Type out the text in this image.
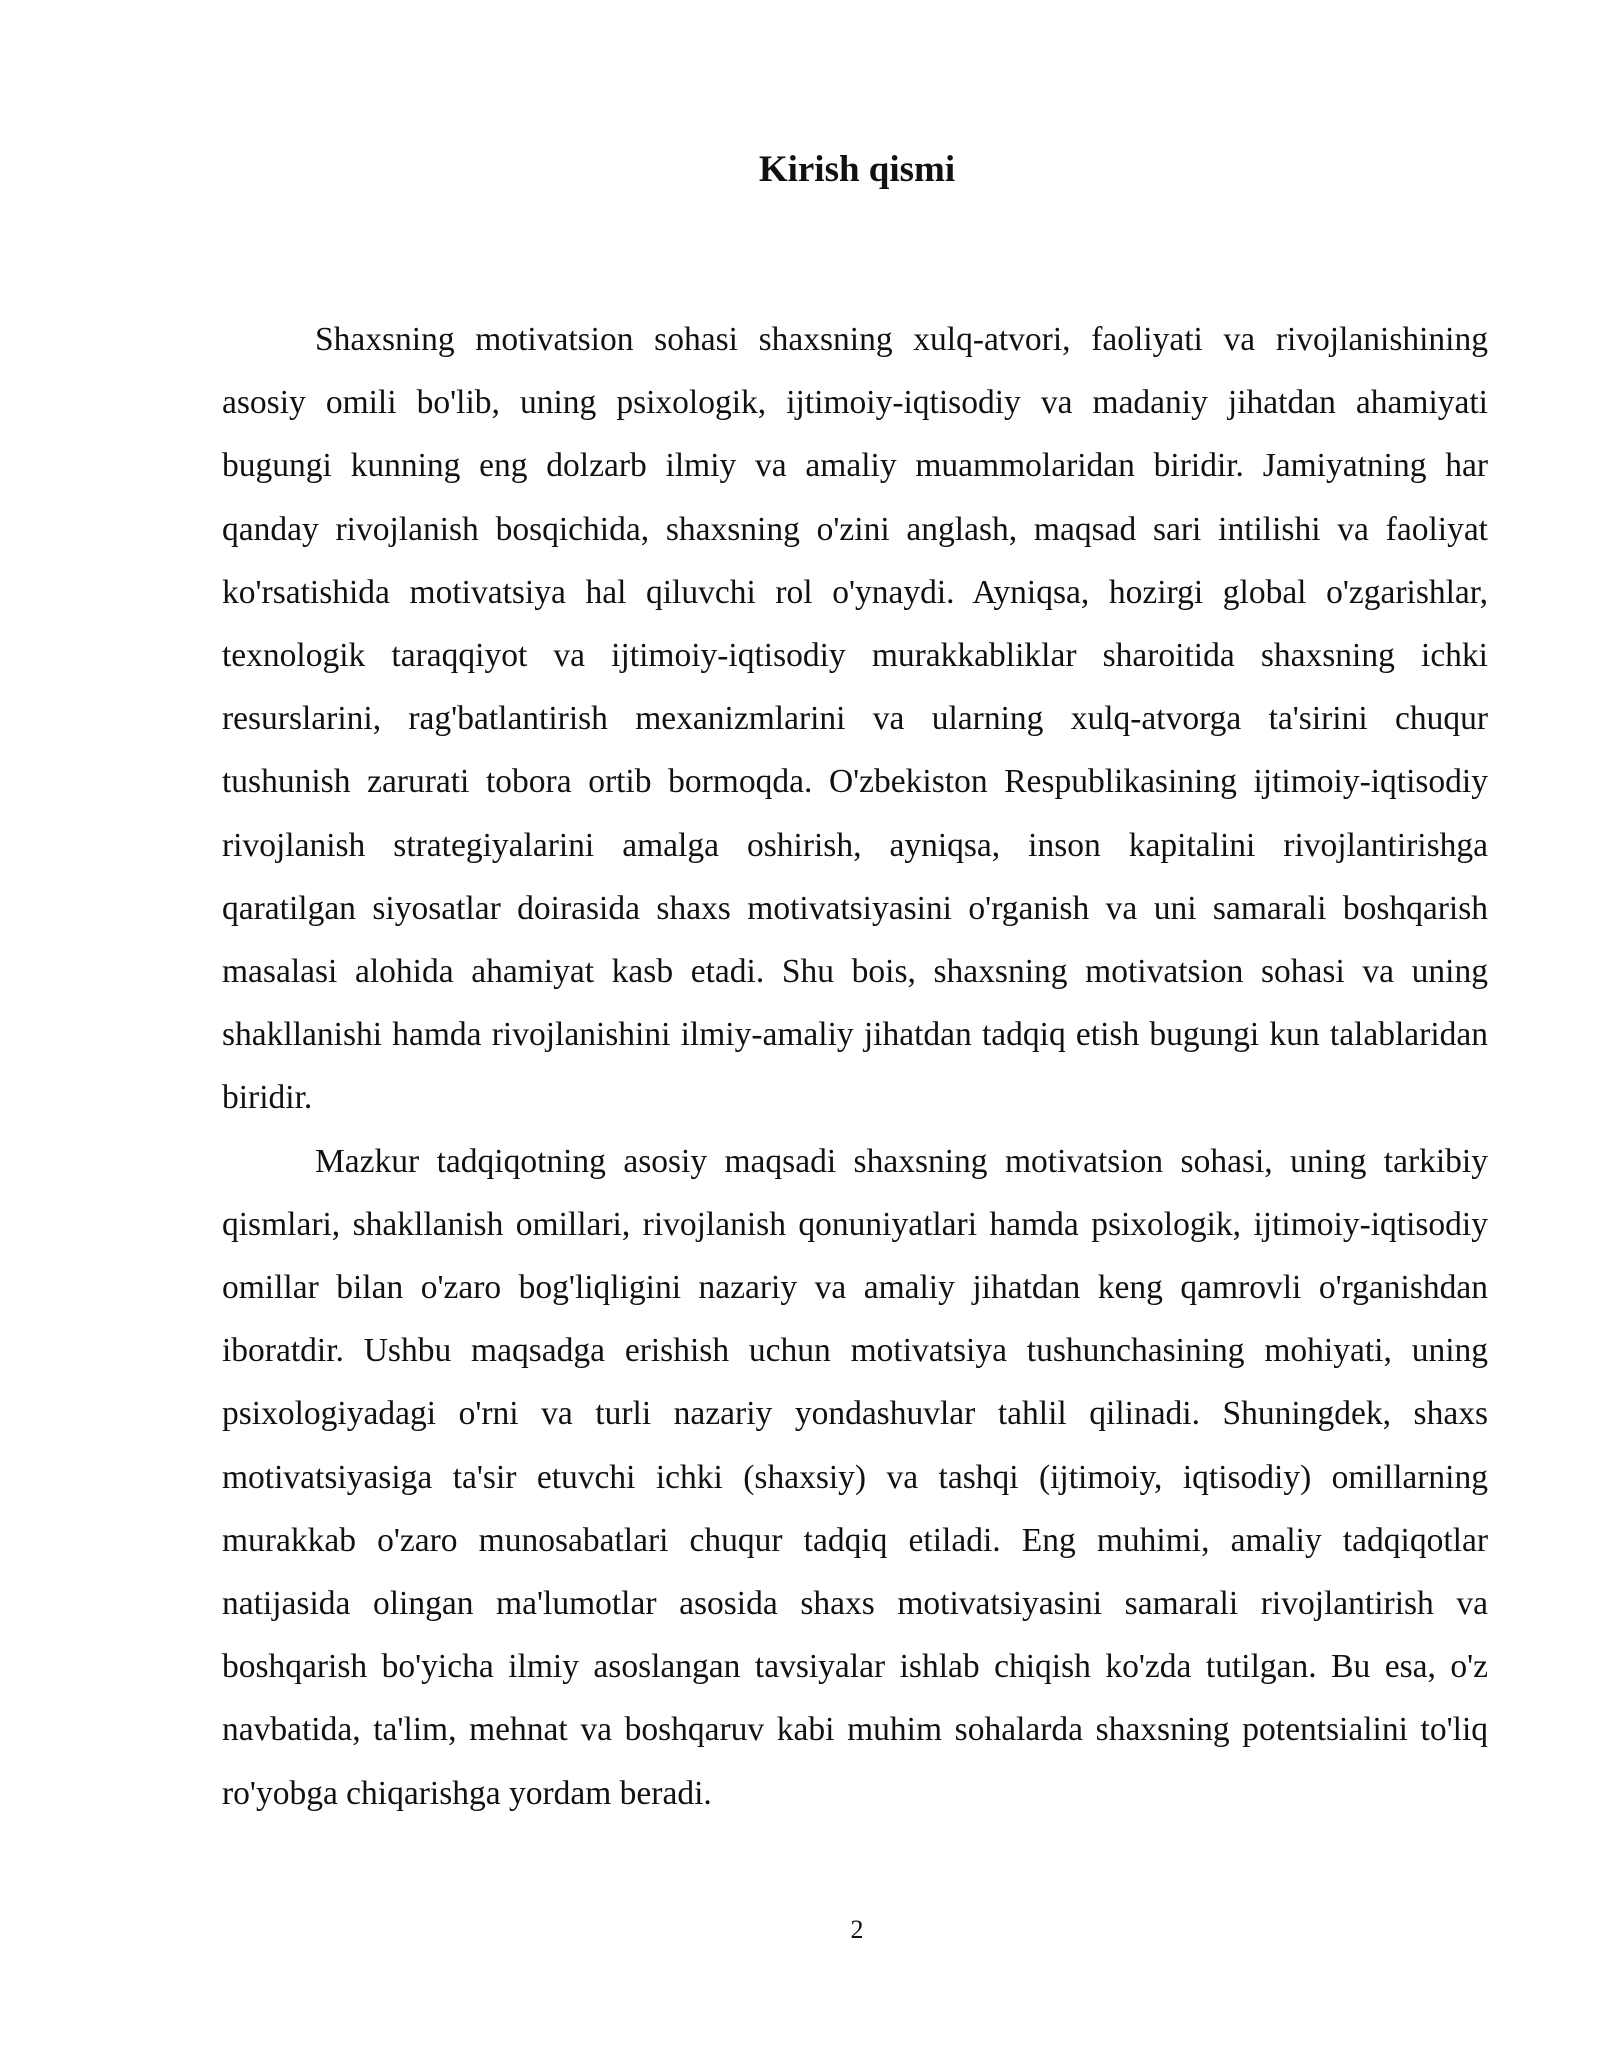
Kirish qismi

Shaxsning motivatsion sohasi shaxsning xulq-atvori, faoliyati va rivojlanishining asosiy omili bo'lib, uning psixologik, ijtimoiy-iqtisodiy va madaniy jihatdan ahamiyati bugungi kunning eng dolzarb ilmiy va amaliy muammolaridan biridir. Jamiyatning har qanday rivojlanish bosqichida, shaxsning o'zini anglash, maqsad sari intilishi va faoliyat ko'rsatishida motivatsiya hal qiluvchi rol o'ynaydi. Ayniqsa, hozirgi global o'zgarishlar, texnologik taraqqiyot va ijtimoiy-iqtisodiy murakkabliklar sharoitida shaxsning ichki resurslarini, rag'batlantirish mexanizmlarini va ularning xulq-atvorga ta'sirini chuqur tushunish zarurati tobora ortib bormoqda. O'zbekiston Respublikasining ijtimoiy-iqtisodiy rivojlanish strategiyalarini amalga oshirish, ayniqsa, inson kapitalini rivojlantirishga qaratilgan siyosatlar doirasida shaxs motivatsiyasini o'rganish va uni samarali boshqarish masalasi alohida ahamiyat kasb etadi. Shu bois, shaxsning motivatsion sohasi va uning shakllanishi hamda rivojlanishini ilmiy-amaliy jihatdan tadqiq etish bugungi kun talablaridan biridir.

Mazkur tadqiqotning asosiy maqsadi shaxsning motivatsion sohasi, uning tarkibiy qismlari, shakllanish omillari, rivojlanish qonuniyatlari hamda psixologik, ijtimoiy-iqtisodiy omillar bilan o'zaro bog'liqligini nazariy va amaliy jihatdan keng qamrovli o'rganishdan iboratdir. Ushbu maqsadga erishish uchun motivatsiya tushunchasining mohiyati, uning psixologiyadagi o'rni va turli nazariy yondashuvlar tahlil qilinadi. Shuningdek, shaxs motivatsiyasiga ta'sir etuvchi ichki (shaxsiy) va tashqi (ijtimoiy, iqtisodiy) omillarning murakkab o'zaro munosabatlari chuqur tadqiq etiladi. Eng muhimi, amaliy tadqiqotlar natijasida olingan ma'lumotlar asosida shaxs motivatsiyasini samarali rivojlantirish va boshqarish bo'yicha ilmiy asoslangan tavsiyalar ishlab chiqish ko'zda tutilgan. Bu esa, o'z navbatida, ta'lim, mehnat va boshqaruv kabi muhim sohalarda shaxsning potentsialini to'liq ro'yobga chiqarishga yordam beradi.

2
